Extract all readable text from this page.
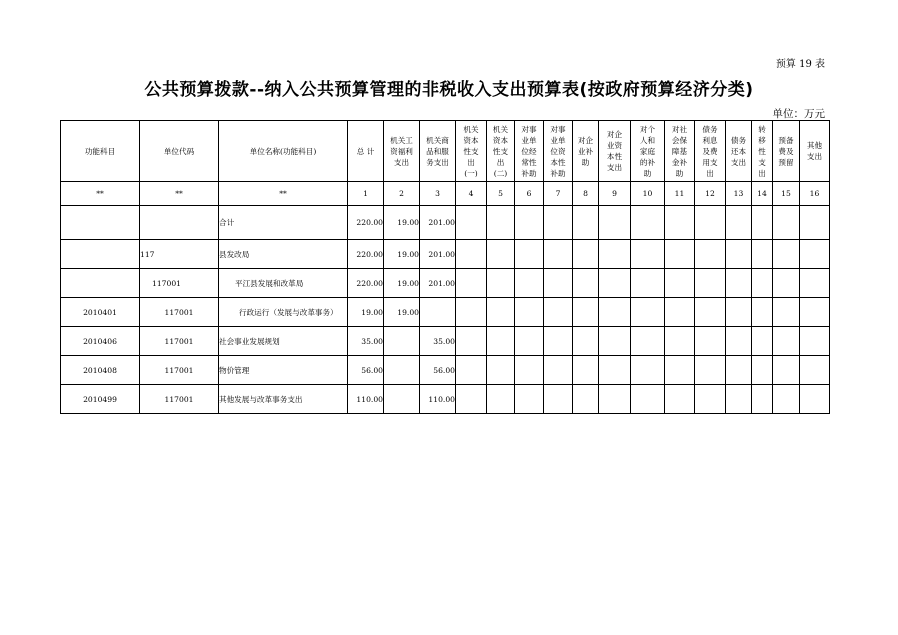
预算 19 表
公共预算拨款--纳入公共预算管理的非税收入支出预算表(按政府预算经济分类)
单位：万元
功能科目	单位代码	单位名称(功能科目)	总 计	机关工资福利支出	机关商品和服务支出	机关资本性支出(一)	机关资本性支出(二)	对事业单位经常性补助	对事业单位资本性补助	对企业补助	对企业资本性支出	对个人和家庭的补助	对社会保障基金补助	债务利息及费用支出	债务还本支出	转移性支出	预备费及预留	其他支出

**	**	**	1	2	3	4	5	6	7	8	9	10	11	12	13	14	15	16
		合计	220.00	19.00	201.00													
	117	县发改局	220.00	19.00	201.00													
	117001	平江县发展和改革局	220.00	19.00	201.00													
2010401	117001	行政运行（发展与改革事务）	19.00	19.00														
2010406	117001	社会事业发展规划	35.00		35.00													
2010408	117001	物价管理	56.00		56.00													
2010499	117001	其他发展与改革事务支出	110.00		110.00													
